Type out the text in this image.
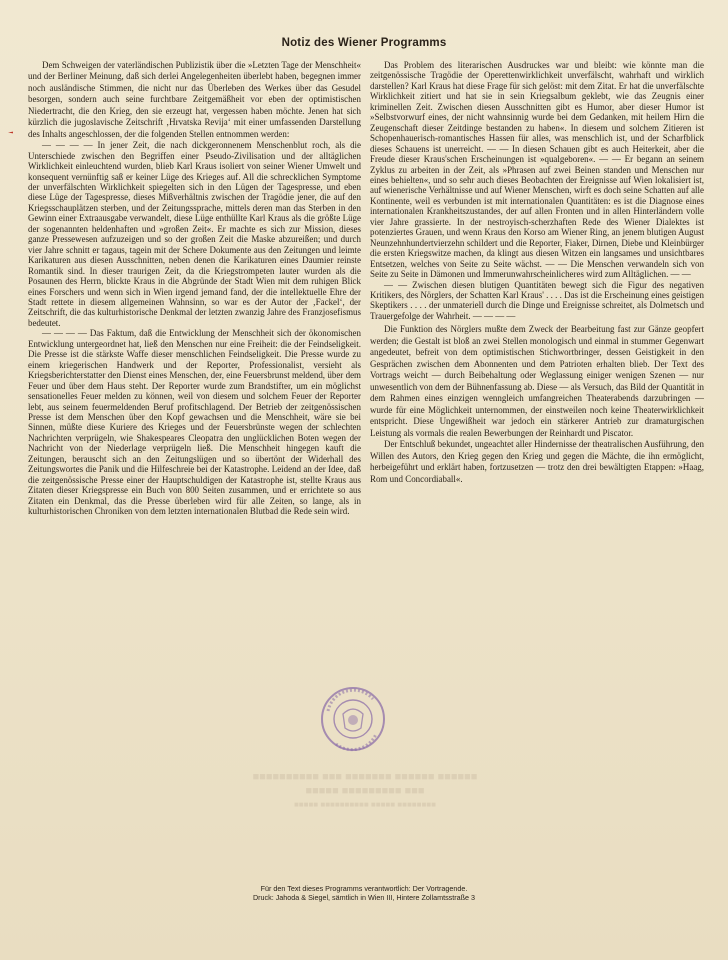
Notiz des Wiener Programms

Dem Schweigen der vaterländischen Publizistik über die »Letzten Tage der Menschheit« und der Berliner Meinung, daß sich derlei Angelegenheiten überlebt haben, begegnen immer noch ausländische Stimmen, die nicht nur das Überleben des Werkes über das Gesudel besorgen, sondern auch seine furchtbare Zeitgemäßheit vor eben der optimistischen Niedertracht, die den Krieg, den sie erzeugt hat, vergessen haben möchte. Jenen hat sich kürzlich die jugoslavische Zeitschrift ‚Hrvatska Revija‘ mit einer umfassenden Darstellung des Inhalts angeschlossen, der die folgenden Stellen entnommen werden:

— — — — In jener Zeit, die nach dickgeronnenem Menschenblut roch, als die Unterschiede zwischen den Begriffen einer Pseudo-Zivilisation und der alltäglichen Wirklichkeit einleuchtend wurden, blieb Karl Kraus isoliert von seiner Wiener Umwelt und konsequent vernünftig saß er keiner Lüge des Krieges auf. All die schrecklichen Symptome der unverfälschten Wirklichkeit spiegelten sich in den Lügen der Tagespresse, und eben diese Lüge der Tagespresse, dieses Mißverhältnis zwischen der Tragödie jener, die auf den Kriegsschauplätzen sterben, und der Zeitungssprache, mittels deren man das Sterben in den Gewinn einer Extraausgabe verwandelt, diese Lüge enthüllte Karl Kraus als die größte Lüge der sogenannten heldenhaften und »großen Zeit«. Er machte es sich zur Mission, dieses ganze Pressewesen aufzuzeigen und so der großen Zeit die Maske abzureißen; und durch vier Jahre schnitt er tagaus, tagein mit der Schere Dokumente aus den Zeitungen und leimte Karikaturen aus diesen Ausschnitten, neben denen die Karikaturen eines Daumier reinste Romantik sind. In dieser traurigen Zeit, da die Kriegstrompeten lauter wurden als die Posaunen des Herrn, blickte Kraus in die Abgründe der Stadt Wien mit dem ruhigen Blick eines Forschers und wenn sich in Wien irgend jemand fand, der die intellektuelle Ehre der Stadt rettete in diesem allgemeinen Wahnsinn, so war es der Autor der ‚Fackel‘, der Zeitschrift, die das kulturhistorische Denkmal der letzten zwanzig Jahre des Franzjosefismus bedeutet.

— — — — Das Faktum, daß die Entwicklung der Menschheit sich der ökonomischen Entwicklung untergeordnet hat, ließ den Menschen nur eine Freiheit: die der Feindseligkeit. Die Presse ist die stärkste Waffe dieser menschlichen Feindseligkeit. Die Presse wurde zu einem kriegerischen Handwerk und der Reporter, Professionalist, versieht als Kriegsberichterstatter den Dienst eines Menschen, der, eine Feuersbrunst meldend, über dem Feuer und über dem Haus steht. Der Reporter wurde zum Brandstifter, um ein möglichst sensationelles Feuer melden zu können, weil von diesem und solchem Feuer der Reporter lebt, aus seinem feuermeldenden Beruf profitschlagend. Der Betrieb der zeitgenössischen Presse ist dem Menschen über den Kopf gewachsen und die Menschheit, wäre sie bei Sinnen, müßte diese Kuriere des Krieges und der Feuersbrünste wegen der schlechten Nachrichten verprügeln, wie Shakespeares Cleopatra den unglücklichen Boten wegen der Nachricht von der Niederlage verprügeln ließ. Die Menschheit hingegen kauft die Zeitungen, berauscht sich an den Zeitungslügen und so übertönt der Widerhall des Zeitungswortes die Panik und die Hilfeschreie bei der Katastrophe. Leidend an der Idee, daß die zeitgenössische Presse einer der Hauptschuldigen der Katastrophe ist, stellte Kraus aus Zitaten dieser Kriegspresse ein Buch von 800 Seiten zusammen, und er errichtete so aus Zitaten ein Denkmal, das die Presse überleben wird für alle Zeiten, so lange, als in kulturhistorischen Chroniken von dem letzten internationalen Blutbad die Rede sein wird.

Das Problem des literarischen Ausdruckes war und bleibt: wie könnte man die zeitgenössische Tragödie der Operettenwirklichkeit unverfälscht, wahrhaft und wirklich darstellen? Karl Kraus hat diese Frage für sich gelöst: mit dem Zitat. Er hat die unverfälschte Wirklichkeit zitiert und hat sie in sein Kriegsalbum geklebt, wie das Zeugnis einer kriminellen Zeit. Zwischen diesen Ausschnitten gibt es Humor, aber dieser Humor ist »Selbstvorwurf eines, der nicht wahnsinnig wurde bei dem Gedanken, mit heilem Hirn die Zeugenschaft dieser Zeitdinge bestanden zu haben«. In diesem und solchem Zitieren ist Schopenhauerisch-romantisches Hassen für alles, was menschlich ist, und der Scharfblick dieses Schauens ist unerreicht. — — In diesen Schauen gibt es auch Heiterkeit, aber die Freude dieser Kraus'schen Erscheinungen ist »qualgeboren«. — — Er begann an seinem Zyklus zu arbeiten in der Zeit, als »Phrasen auf zwei Beinen standen und Menschen nur eines behielten«, und so sehr auch dieses Beobachten der Ereignisse auf Wien lokalisiert ist, auf wienerische Verhältnisse und auf Wiener Menschen, wirft es doch seine Schatten auf alle Kontinente, weil es verbunden ist mit internationalen Quantitäten: es ist die Diagnose eines internationalen Krankheitszustandes, der auf allen Fronten und in allen Hinterländern volle vier Jahre grassierte. In der nestroyisch-scherzhaften Rede des Wiener Dialektes ist potenziertes Grauen, und wenn Kraus den Korso am Wiener Ring, an jenem blutigen August Neunzehnhundertvierzehn schildert und die Reporter, Fiaker, Dirnen, Diebe und Kleinbürger die ersten Kriegswitze machen, da klingt aus diesen Witzen ein langsames und unsichtbares Entsetzen, welches von Seite zu Seite wächst. — — Die Menschen verwandeln sich von Seite zu Seite in Dämonen und Immerunwahrscheinlicheres wird zum Alltäglichen. — —

— — Zwischen diesen blutigen Quantitäten bewegt sich die Figur des negativen Kritikers, des Nörglers, der Schatten Karl Kraus' . . . . Das ist die Erscheinung eines geistigen Skeptikers . . . . der unmateriell durch die Dinge und Ereignisse schreitet, als Dolmetsch und Trauergefolge der Wahrheit. — — — —

Die Funktion des Nörglers mußte dem Zweck der Bearbeitung fast zur Gänze geopfert werden; die Gestalt ist bloß an zwei Stellen monologisch und einmal in stummer Gegenwart angedeutet, befreit von dem optimistischen Stichwortbringer, dessen Geistigkeit in den Gesprächen zwischen dem Abonnenten und dem Patrioten erhalten blieb. Der Text des Vortrags weicht — durch Beibehaltung oder Weglassung einiger wenigen Szenen — nur unwesentlich von dem der Bühnenfassung ab. Diese — als Versuch, das Bild der Quantität in dem Rahmen eines einzigen wenngleich umfangreichen Theaterabends darzubringen — wurde für eine Möglichkeit unternommen, der einstweilen noch keine Theaterwirklichkeit entspricht. Diese Ungewißheit war jedoch ein stärkerer Antrieb zur dramaturgischen Leistung als vormals die realen Bewerbungen der Reinhardt und Piscator.

Der Entschluß bekundet, ungeachtet aller Hindernisse der theatralischen Ausführung, den Willen des Autors, den Krieg gegen den Krieg und gegen die Mächte, die ihn ermöglicht, herbeigeführt und erklärt haben, fortzusetzen — trotz den drei bewältigten Etappen: »Haag, Rom und Concordiaball«.

■■■■■■ ■■■■■■ ■■■■■■■ ■■■ ■■■■■■■■■■
■■■ ■■■■■■■■■ ■■■■■
■■■■■■■■ ■■■■■ ■■■■■■■■■■ ■■■■■
Für den Text dieses Programms verantwortlich: Der Vortragende.
Druck: Jahoda & Siegel, sämtlich in Wien III, Hintere Zollamtsstraße 3
